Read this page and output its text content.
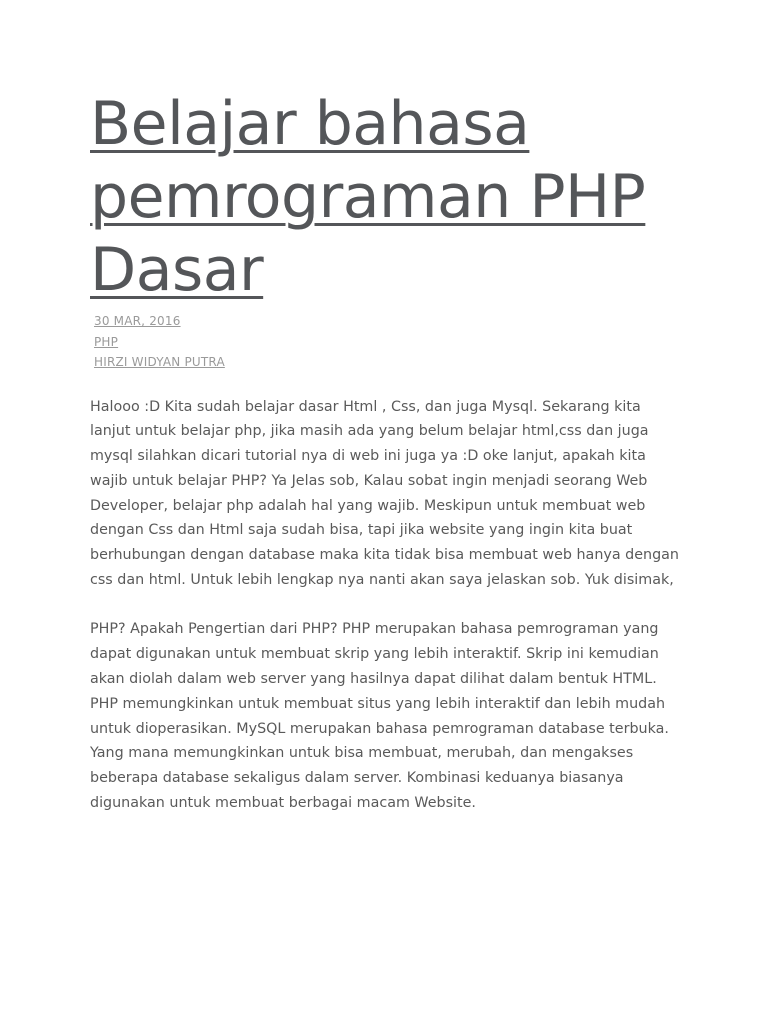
Belajar bahasa pemrograman PHP Dasar
30 MAR, 2016
PHP
HIRZI WIDYAN PUTRA

Halooo :D Kita sudah belajar dasar Html , Css, dan juga Mysql. Sekarang kita lanjut untuk belajar php, jika masih ada yang belum belajar html,css dan juga mysql silahkan dicari tutorial nya di web ini juga ya :D oke lanjut, apakah kita wajib untuk belajar PHP? Ya Jelas sob, Kalau sobat ingin menjadi seorang Web Developer, belajar php adalah hal yang wajib. Meskipun untuk membuat web dengan Css dan Html saja sudah bisa, tapi jika website yang ingin kita buat berhubungan dengan database maka kita tidak bisa membuat web hanya dengan css dan html. Untuk lebih lengkap nya nanti akan saya jelaskan sob. Yuk disimak,

PHP? Apakah Pengertian dari PHP? PHP merupakan bahasa pemrograman yang dapat digunakan untuk membuat skrip yang lebih interaktif. Skrip ini kemudian akan diolah dalam web server yang hasilnya dapat dilihat dalam bentuk HTML. PHP memungkinkan untuk membuat situs yang lebih interaktif dan lebih mudah untuk dioperasikan. MySQL merupakan bahasa pemrograman database terbuka. Yang mana memungkinkan untuk bisa membuat, merubah, dan mengakses beberapa database sekaligus dalam server. Kombinasi keduanya biasanya digunakan untuk membuat berbagai macam Website.
